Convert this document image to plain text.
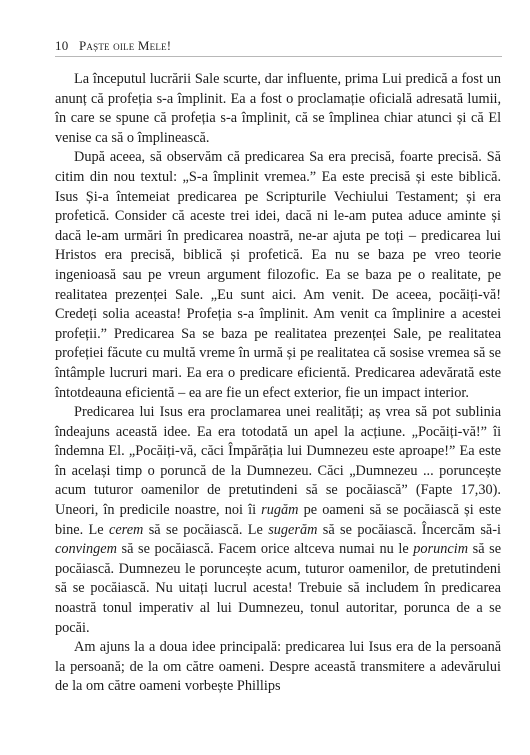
10 Paște oile Mele!

La începutul lucrării Sale scurte, dar influente, prima Lui predică a fost un anunț că profeția s-a împlinit. Ea a fost o proclamație oficială adresată lumii, în care se spune că profeția s-a împlinit, că se împlinea chiar atunci și că El venise ca să o împlinească.

După aceea, să observăm că predicarea Sa era precisă, foarte precisă. Să citim din nou textul: „S-a împlinit vremea.” Ea este precisă și este biblică. Isus Și-a întemeiat predicarea pe Scripturile Vechiului Testament; și era profetică. Consider că aceste trei idei, dacă ni le-am putea aduce aminte și dacă le-am urmări în predicarea noastră, ne-ar ajuta pe toți – predicarea lui Hristos era precisă, biblică și profetică. Ea nu se baza pe vreo teorie ingenioasă sau pe vreun argument filozofic. Ea se baza pe o realitate, pe realitatea prezenței Sale. „Eu sunt aici. Am venit. De aceea, pocăiți-vă! Credeți solia aceasta! Profeția s-a împlinit. Am venit ca împlinire a acestei profeții.” Predicarea Sa se baza pe realitatea prezenței Sale, pe realitatea profeției făcute cu multă vreme în urmă și pe realitatea că sosise vremea să se întâmple lucruri mari. Ea era o predicare eficientă. Predicarea adevărată este întotdeauna eficientă – ea are fie un efect exterior, fie un impact interior.

Predicarea lui Isus era proclamarea unei realități; aș vrea să pot sublinia îndeajuns această idee. Ea era totodată un apel la acțiune. „Pocăiți-vă!” îi îndemna El. „Pocăiți-vă, căci Împărăția lui Dumnezeu este aproape!” Ea este în același timp o poruncă de la Dumnezeu. Căci „Dumnezeu ... poruncește acum tuturor oamenilor de pretutindeni să se pocăiască” (Fapte 17,30). Uneori, în predicile noastre, noi îi rugăm pe oameni să se pocăiască și este bine. Le cerem să se pocăiască. Le sugerăm să se pocăiască. Încercăm să-i convingem să se pocăiască. Facem orice altceva numai nu le poruncim să se pocăiască. Dumnezeu le poruncește acum, tuturor oamenilor, de pretutindeni să se pocăiască. Nu uitați lucrul acesta! Trebuie să includem în predicarea noastră tonul imperativ al lui Dumnezeu, tonul autoritar, porunca de a se pocăi.

Am ajuns la a doua idee principală: predicarea lui Isus era de la persoană la persoană; de la om către oameni. Despre această transmitere a adevărului de la om către oameni vorbește Phillips
